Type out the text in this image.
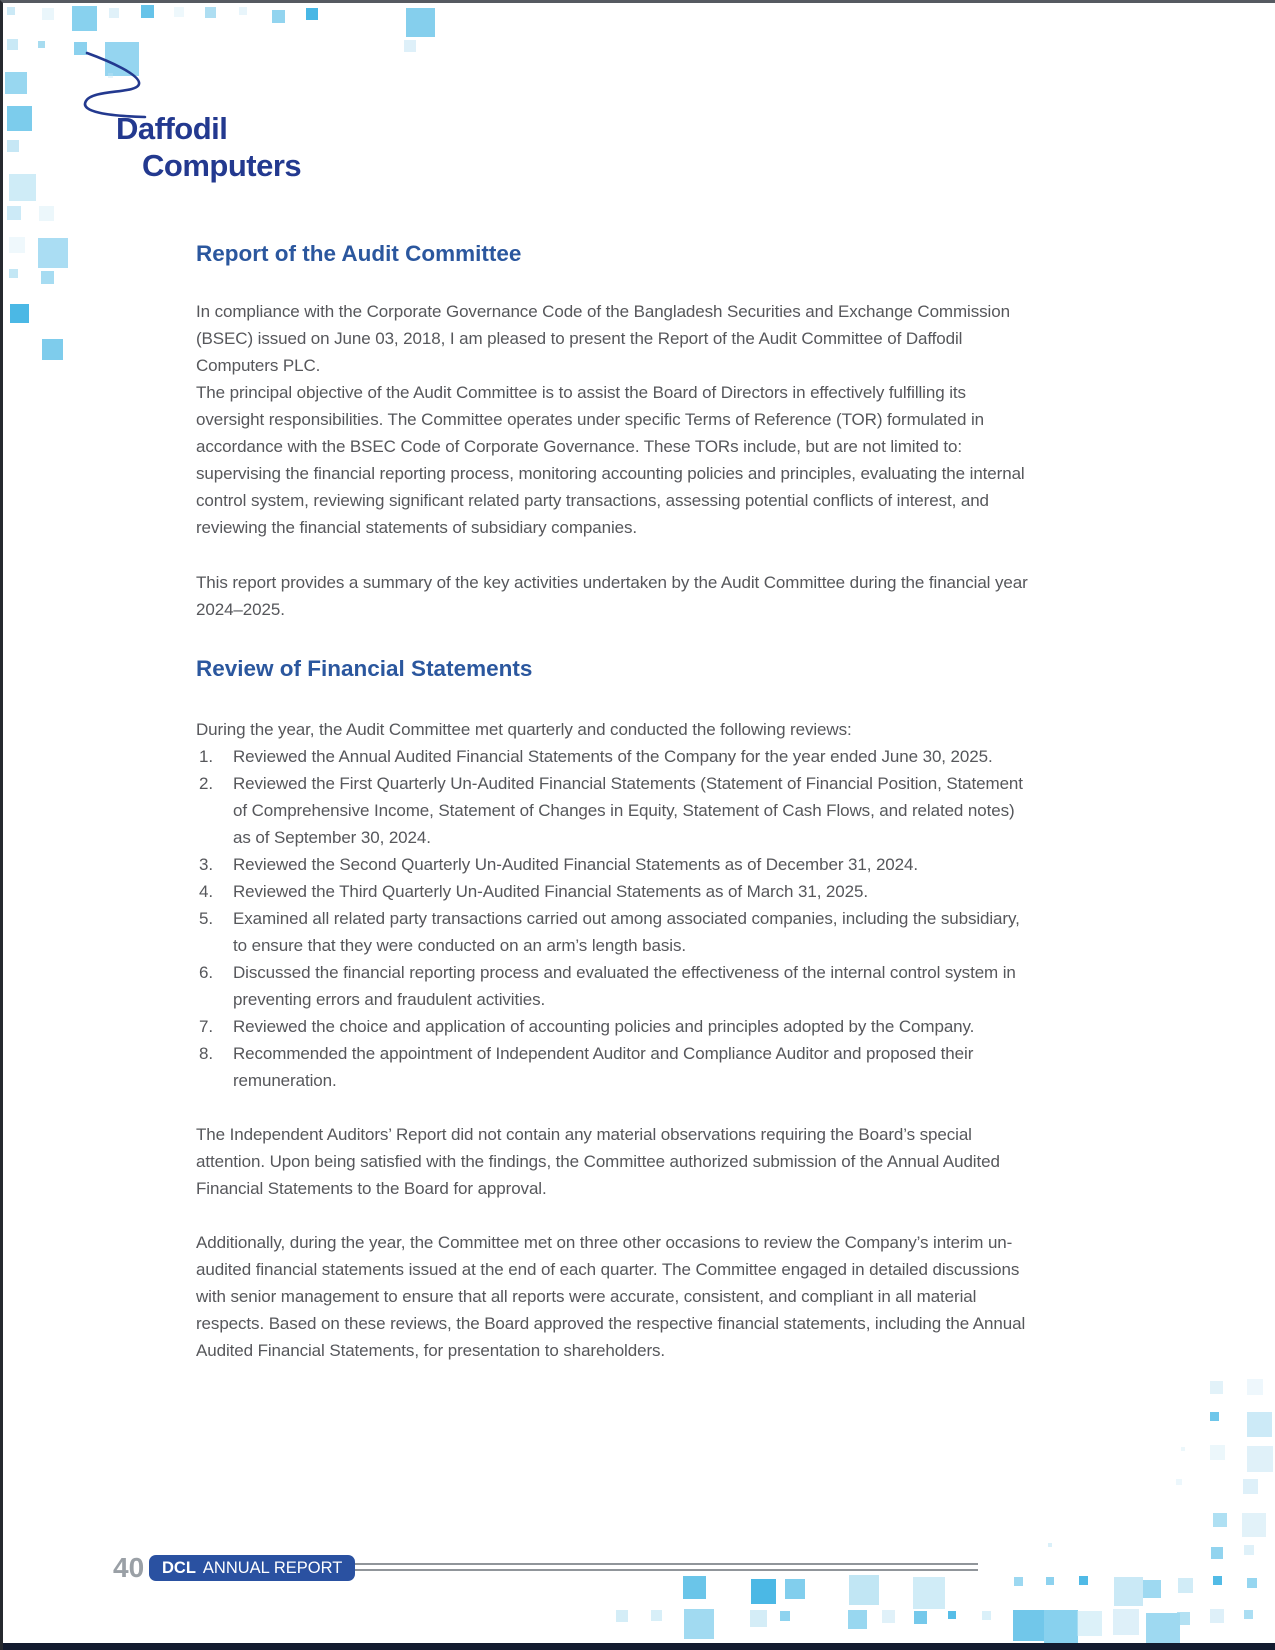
Daffodil
Computers
Report of the Audit Committee

In compliance with the Corporate Governance Code of the Bangladesh Securities and Exchange Commission (BSEC) issued on June 03, 2018, I am pleased to present the Report of the Audit Committee of Daffodil Computers PLC.

The principal objective of the Audit Committee is to assist the Board of Directors in effectively fulfilling its oversight responsibilities. The Committee operates under specific Terms of Reference (TOR) formulated in accordance with the BSEC Code of Corporate Governance. These TORs include, but are not limited to: supervising the financial reporting process, monitoring accounting policies and principles, evaluating the internal control system, reviewing significant related party transactions, assessing potential conflicts of interest, and reviewing the financial statements of subsidiary companies.

This report provides a summary of the key activities undertaken by the Audit Committee during the financial year 2024–2025.

Review of Financial Statements

During the year, the Audit Committee met quarterly and conducted the following reviews:

Reviewed the Annual Audited Financial Statements of the Company for the year ended June 30, 2025.
Reviewed the First Quarterly Un-Audited Financial Statements (Statement of Financial Position, Statement of Comprehensive Income, Statement of Changes in Equity, Statement of Cash Flows, and related notes) as of September 30, 2024.
Reviewed the Second Quarterly Un-Audited Financial Statements as of December 31, 2024.
Reviewed the Third Quarterly Un-Audited Financial Statements as of March 31, 2025.
Examined all related party transactions carried out among associated companies, including the subsidiary, to ensure that they were conducted on an arm’s length basis.
Discussed the financial reporting process and evaluated the effectiveness of the internal control system in preventing errors and fraudulent activities.
Reviewed the choice and application of accounting policies and principles adopted by the Company.
Recommended the appointment of Independent Auditor and Compliance Auditor and proposed their remuneration.

The Independent Auditors’ Report did not contain any material observations requiring the Board’s special attention. Upon being satisfied with the findings, the Committee authorized submission of the Annual Audited Financial Statements to the Board for approval.

Additionally, during the year, the Committee met on three other occasions to review the Company’s interim un-audited financial statements issued at the end of each quarter. The Committee engaged in detailed discussions with senior management to ensure that all reports were accurate, consistent, and compliant in all material respects. Based on these reviews, the Board approved the respective financial statements, including the Annual Audited Financial Statements, for presentation to shareholders.

40	DCL ANNUAL REPORT
